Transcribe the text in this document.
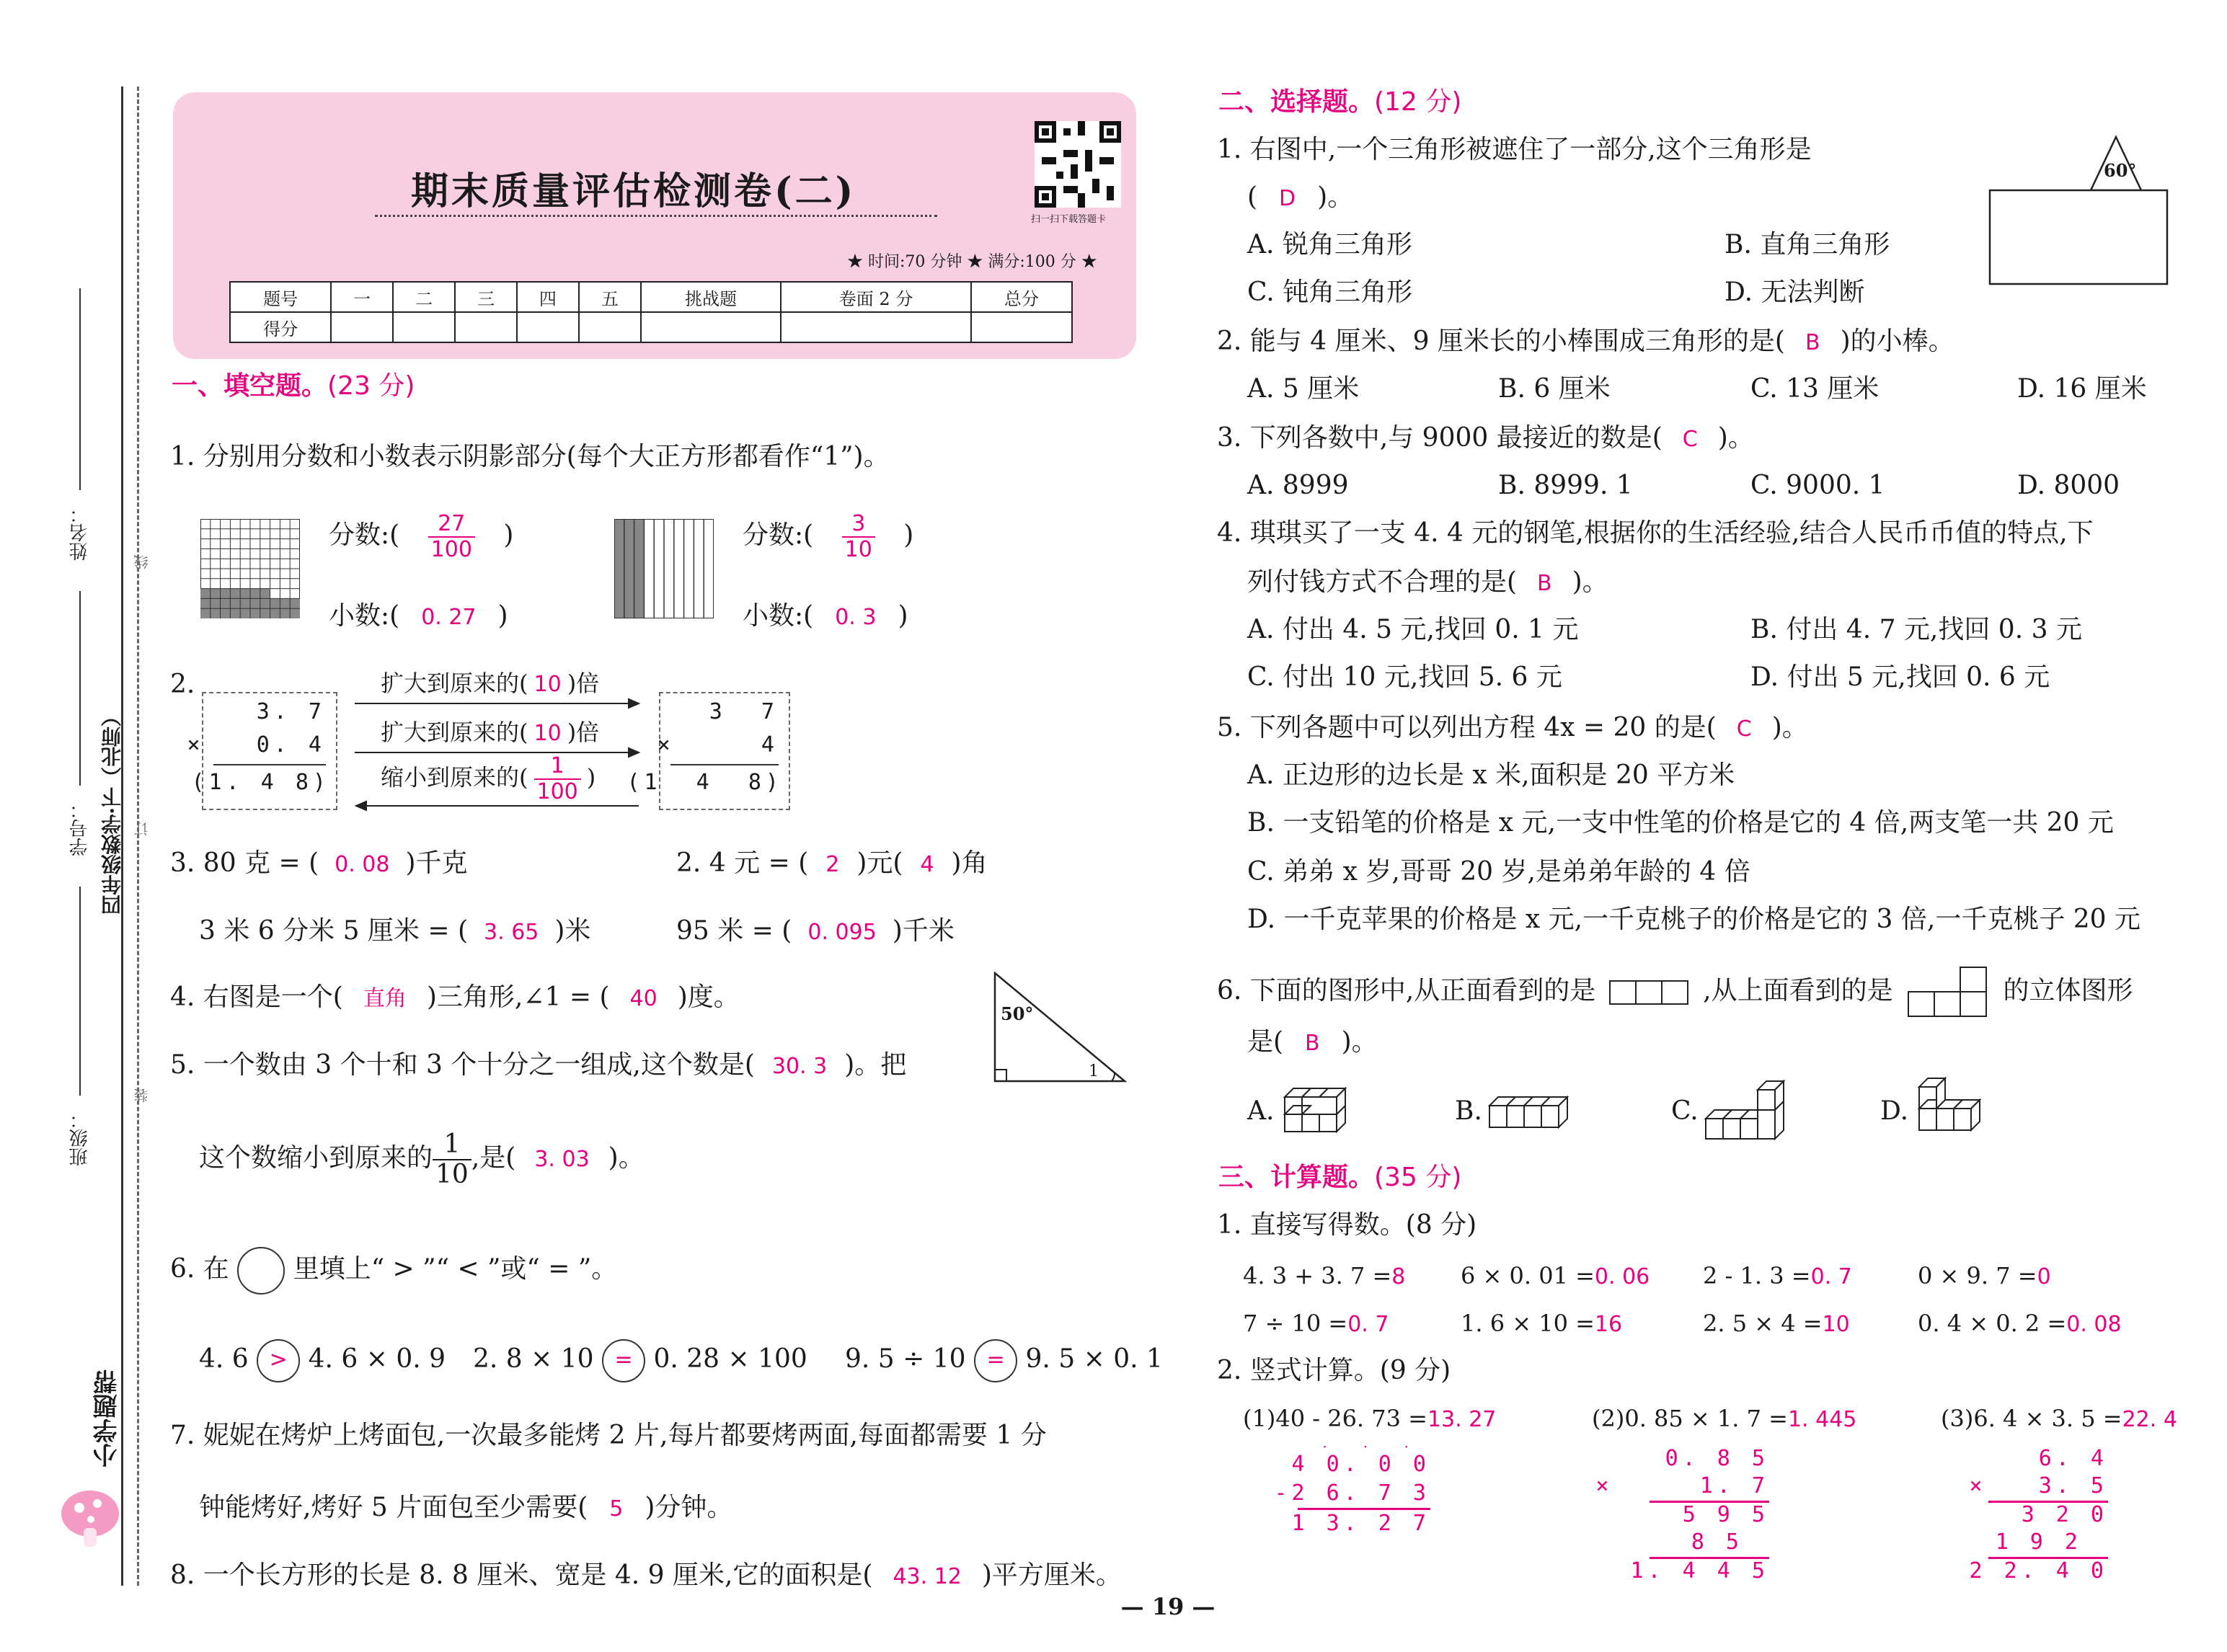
姓名：
学号： 四年级数学·下（北师）
班级：
小学题帮
线
订
装
期末质量评估检测卷(二)
扫一扫下载答题卡
★ 时间:70 分钟 ★ 满分:100 分 ★
题号	一	二	三	四	五	挑战题	卷面 2 分	总分
得分								
一、填空题。(23 分)
1. 分别用分数和小数表示阴影部分(每个大正方形都看作“1”)。
分数:( $\frac{27}{100}$ )
小数:( 0. 27 )
分数:( $\frac{3}{10}$ )
小数:( 0. 3 )
2.
3. 7
×   0. 4
(1. 4 8)
3  7
×     4
(1  4  8)
扩大到原来的( 10 )倍
扩大到原来的( 10 )倍
缩小到原来的( $\frac{1}{100}$ )
3. 80 克 = ( 0. 08 )千克	2. 4 元 = ( 2 )元( 4 )角
3 米 6 分米 5 厘米 = ( 3. 65 )米	95 米 = ( 0. 095 )千米
4. 右图是一个( 直角 )三角形,∠1 = ( 40 )度。
50°
1
5. 一个数由 3 个十和 3 个十分之一组成,这个数是( 30. 3 )。把
这个数缩小到原来的 $\frac{1}{10}$ ,是( 3. 03 )。
6. 在 里填上“ > ”“ < ”或“ = ”。
4. 6 > 4. 6 × 0. 9 2. 8 × 10 = 0. 28 × 100 9. 5 ÷ 10 = 9. 5 × 0. 1
7. 妮妮在烤炉上烤面包,一次最多能烤 2 片,每片都要烤两面,每面都需要 1 分
钟能烤好,烤好 5 片面包至少需要( 5 )分钟。
8. 一个长方形的长是 8. 8 厘米、宽是 4. 9 厘米,它的面积是( 43. 12 )平方厘米。
二、选择题。(12 分)
1. 右图中,一个三角形被遮住了一部分,这个三角形是
( D )。
60°
A. 锐角三角形	B. 直角三角形
C. 钝角三角形	D. 无法判断
2. 能与 4 厘米、9 厘米长的小棒围成三角形的是( B )的小棒。
A. 5 厘米	B. 6 厘米	C. 13 厘米	D. 16 厘米
3. 下列各数中,与 9000 最接近的数是( C )。
A. 8999	B. 8999. 1	C. 9000. 1	D. 8000
4. 琪琪买了一支 4. 4 元的钢笔,根据你的生活经验,结合人民币币值的特点,下
列付钱方式不合理的是( B )。
A. 付出 4. 5 元,找回 0. 1 元	B. 付出 4. 7 元,找回 0. 3 元
C. 付出 10 元,找回 5. 6 元	D. 付出 5 元,找回 0. 6 元
5. 下列各题中可以列出方程 4x = 20 的是( C )。
A. 正边形的边长是 x 米,面积是 20 平方米
B. 一支铅笔的价格是 x 元,一支中性笔的价格是它的 4 倍,两支笔一共 20 元
C. 弟弟 x 岁,哥哥 20 岁,是弟弟年龄的 4 倍
D. 一千克苹果的价格是 x 元,一千克桃子的价格是它的 3 倍,一千克桃子 20 元
6. 下面的图形中,从正面看到的是	,从上面看到的是	的立体图形
是( B )。
A.	B.	C.	D.
三、计算题。(35 分)
1. 直接写得数。(8 分)
4. 3 + 3. 7 =8 6 × 0. 01 =0. 06 2 - 1. 3 =0. 7	0 × 9. 7 =0
7 ÷ 10 =0. 7	1. 6 × 10 =16	2. 5 × 4 =10	0. 4 × 0. 2 =0. 08
2. 竖式计算。(9 分)
(1)40 - 26. 73 =13. 27	(2)0. 85 × 1. 7 =1. 445	(3)6. 4 × 3. 5 =22. 4
· · ·
4 0. 0 0
-2 6. 7 3
1 3. 2 7
0. 8 5
×     1. 7
5 9 5
8 5
1. 4 4 5
6. 4
×   3. 5
3 2 0
1 9 2
2 2. 4 0
— 19 —
